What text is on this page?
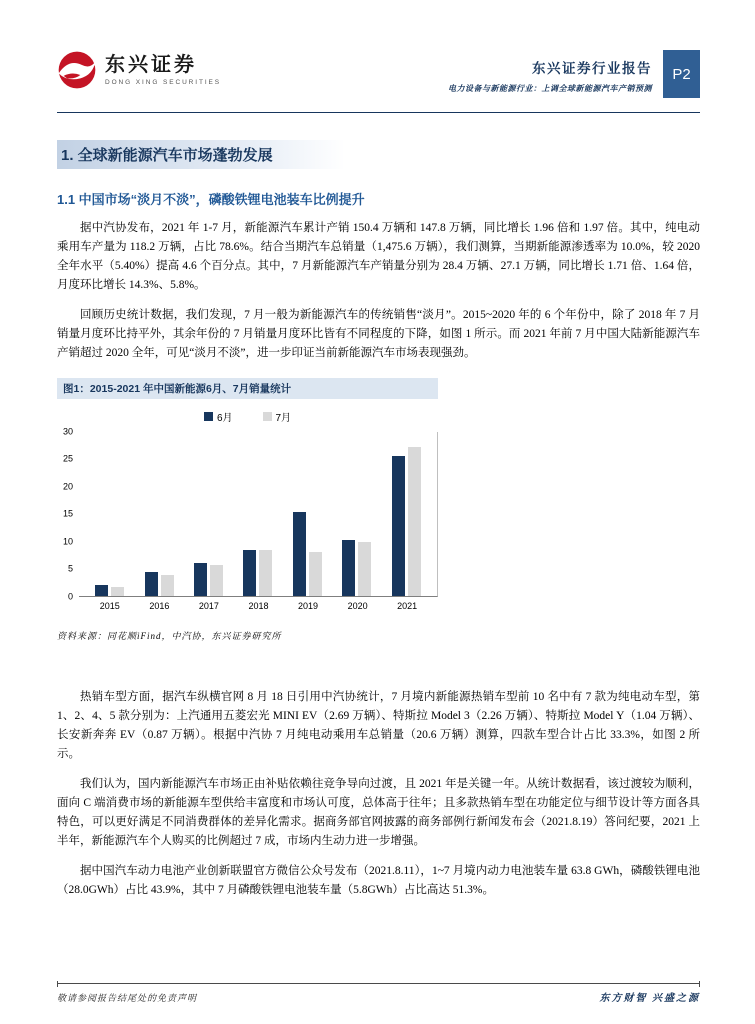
东兴证券
DONG XING SECURITIES
东兴证券行业报告
电力设备与新能源行业：上调全球新能源汽车产销预测
P2
1. 全球新能源汽车市场蓬勃发展
1.1 中国市场“淡月不淡”，磷酸铁锂电池装车比例提升

据中汽协发布，2021 年 1-7 月，新能源汽车累计产销 150.4 万辆和 147.8 万辆，同比增长 1.96 倍和 1.97 倍。其中，纯电动乘用车产量为 118.2 万辆，占比 78.6%。结合当期汽车总销量（1,475.6 万辆），我们测算，当期新能源渗透率为 10.0%，较 2020 全年水平（5.40%）提高 4.6 个百分点。其中，7 月新能源汽车产销量分别为 28.4 万辆、27.1 万辆，同比增长 1.71 倍、1.64 倍，月度环比增长 14.3%、5.8%。

回顾历史统计数据，我们发现，7 月一般为新能源汽车的传统销售“淡月”。2015~2020 年的 6 个年份中，除了 2018 年 7 月销量月度环比持平外，其余年份的 7 月销量月度环比皆有不同程度的下降，如图 1 所示。而 2021 年前 7 月中国大陆新能源汽车产销超过 2020 全年，可见“淡月不淡”，进一步印证当前新能源汽车市场表现强劲。

图1：2015-2021 年中国新能源6月、7月销量统计
6月	7月
0
5
10
15
20
25
30
2015	2016	2017	2018	2019	2020	2021
资料来源：同花顺iFind，中汽协，东兴证券研究所

热销车型方面，据汽车纵横官网 8 月 18 日引用中汽协统计，7 月境内新能源热销车型前 10 名中有 7 款为纯电动车型，第 1、2、4、5 款分别为：上汽通用五菱宏光 MINI EV（2.69 万辆）、特斯拉 Model 3（2.26 万辆）、特斯拉 Model Y（1.04 万辆）、长安新奔奔 EV（0.87 万辆）。根据中汽协 7 月纯电动乘用车总销量（20.6 万辆）测算，四款车型合计占比 33.3%，如图 2 所示。

我们认为，国内新能源汽车市场正由补贴依赖往竞争导向过渡，且 2021 年是关键一年。从统计数据看，该过渡较为顺利，面向 C 端消费市场的新能源车型供给丰富度和市场认可度，总体高于往年；且多款热销车型在功能定位与细节设计等方面各具特色，可以更好满足不同消费群体的差异化需求。据商务部官网披露的商务部例行新闻发布会（2021.8.19）答问纪要，2021 上半年，新能源汽车个人购买的比例超过 7 成，市场内生动力进一步增强。

据中国汽车动力电池产业创新联盟官方微信公众号发布（2021.8.11），1~7 月境内动力电池装车量 63.8 GWh，磷酸铁锂电池（28.0GWh）占比 43.9%，其中 7 月磷酸铁锂电池装车量（5.8GWh）占比高达 51.3%。

敬请参阅报告结尾处的免责声明	东方财智 兴盛之源
